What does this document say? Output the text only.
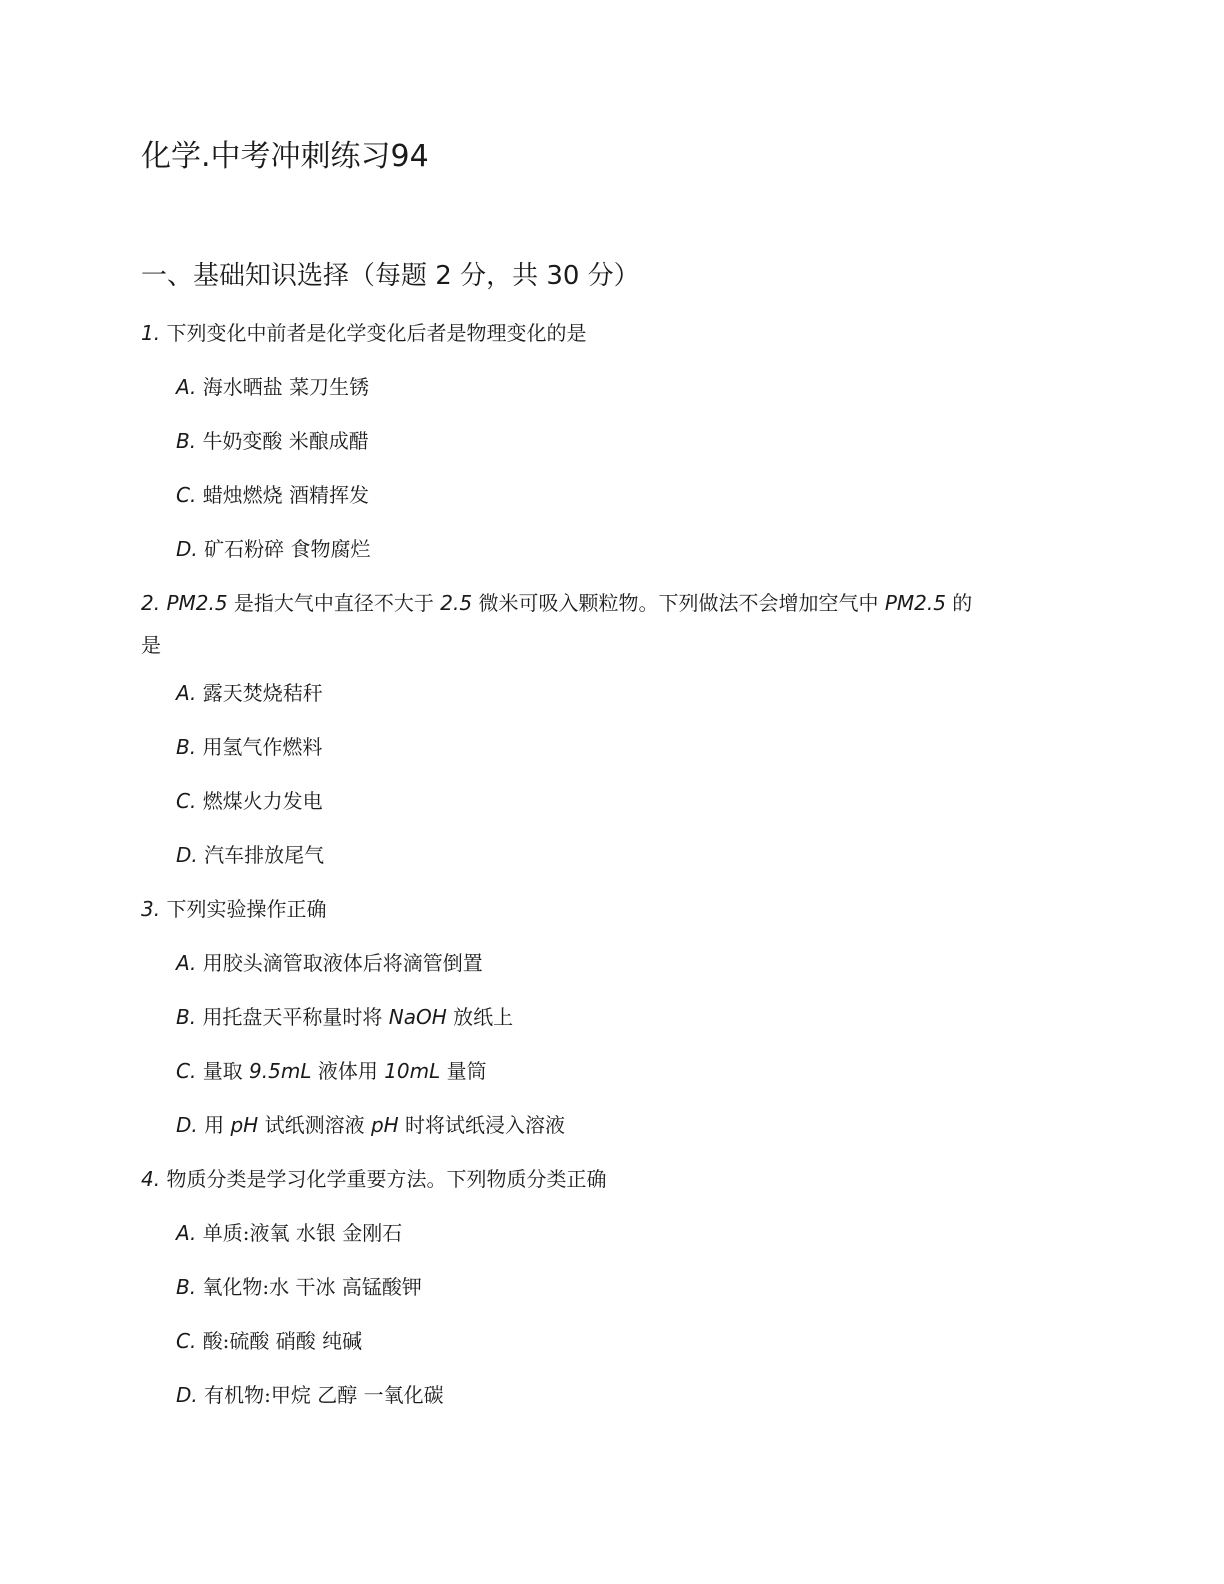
化学.中考冲刺练习94
一、基础知识选择（每题 2 分，共 30 分）
1. 下列变化中前者是化学变化后者是物理变化的是
A. 海水晒盐 菜刀生锈
B. 牛奶变酸 米酿成醋
C. 蜡烛燃烧 酒精挥发
D. 矿石粉碎 食物腐烂
2. PM2.5 是指大气中直径不大于 2.5 微米可吸入颗粒物。下列做法不会增加空气中 PM2.5 的
是
A. 露天焚烧秸秆
B. 用氢气作燃料
C. 燃煤火力发电
D. 汽车排放尾气
3. 下列实验操作正确
A. 用胶头滴管取液体后将滴管倒置
B. 用托盘天平称量时将 NaOH 放纸上
C. 量取 9.5mL 液体用 10mL 量筒
D. 用 pH 试纸测溶液 pH 时将试纸浸入溶液
4. 物质分类是学习化学重要方法。下列物质分类正确
A. 单质:液氧 水银 金刚石
B. 氧化物:水 干冰 高锰酸钾
C. 酸:硫酸 硝酸 纯碱
D. 有机物:甲烷 乙醇 一氧化碳
